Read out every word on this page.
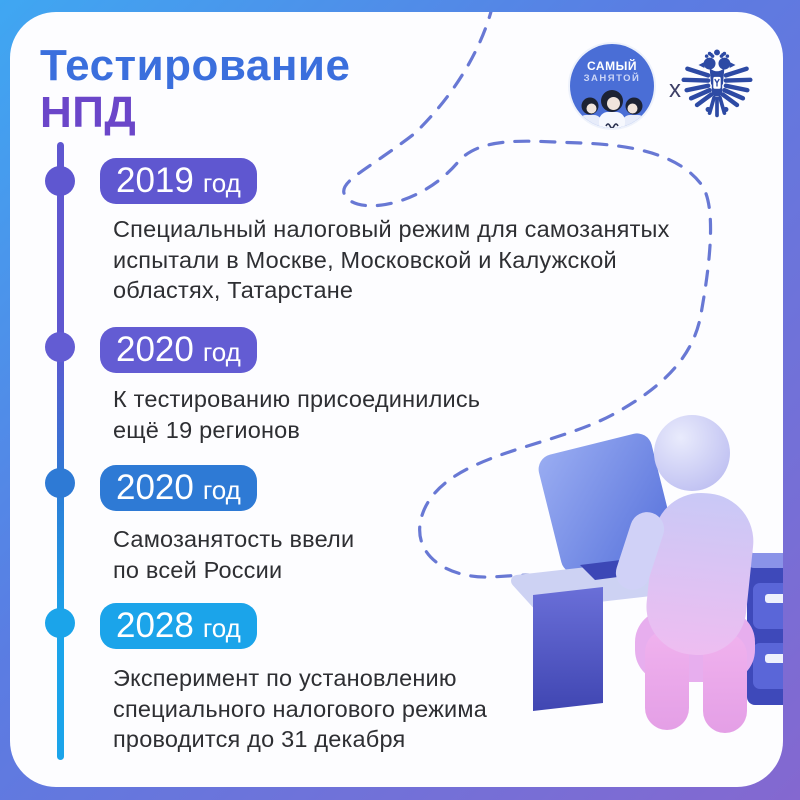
Тестирование
НПД
САМЫЙ
ЗАНЯТОЙ	x
2019 год
Специальный налоговый режим для самозанятых
испытали в Москве, Московской и Калужской
областях, Татарстане
2020 год
К тестированию присоединились
ещё 19 регионов
2020 год
Самозанятость ввели
по всей России
2028 год
Эксперимент по установлению
специального налогового режима
проводится до 31 декабря
